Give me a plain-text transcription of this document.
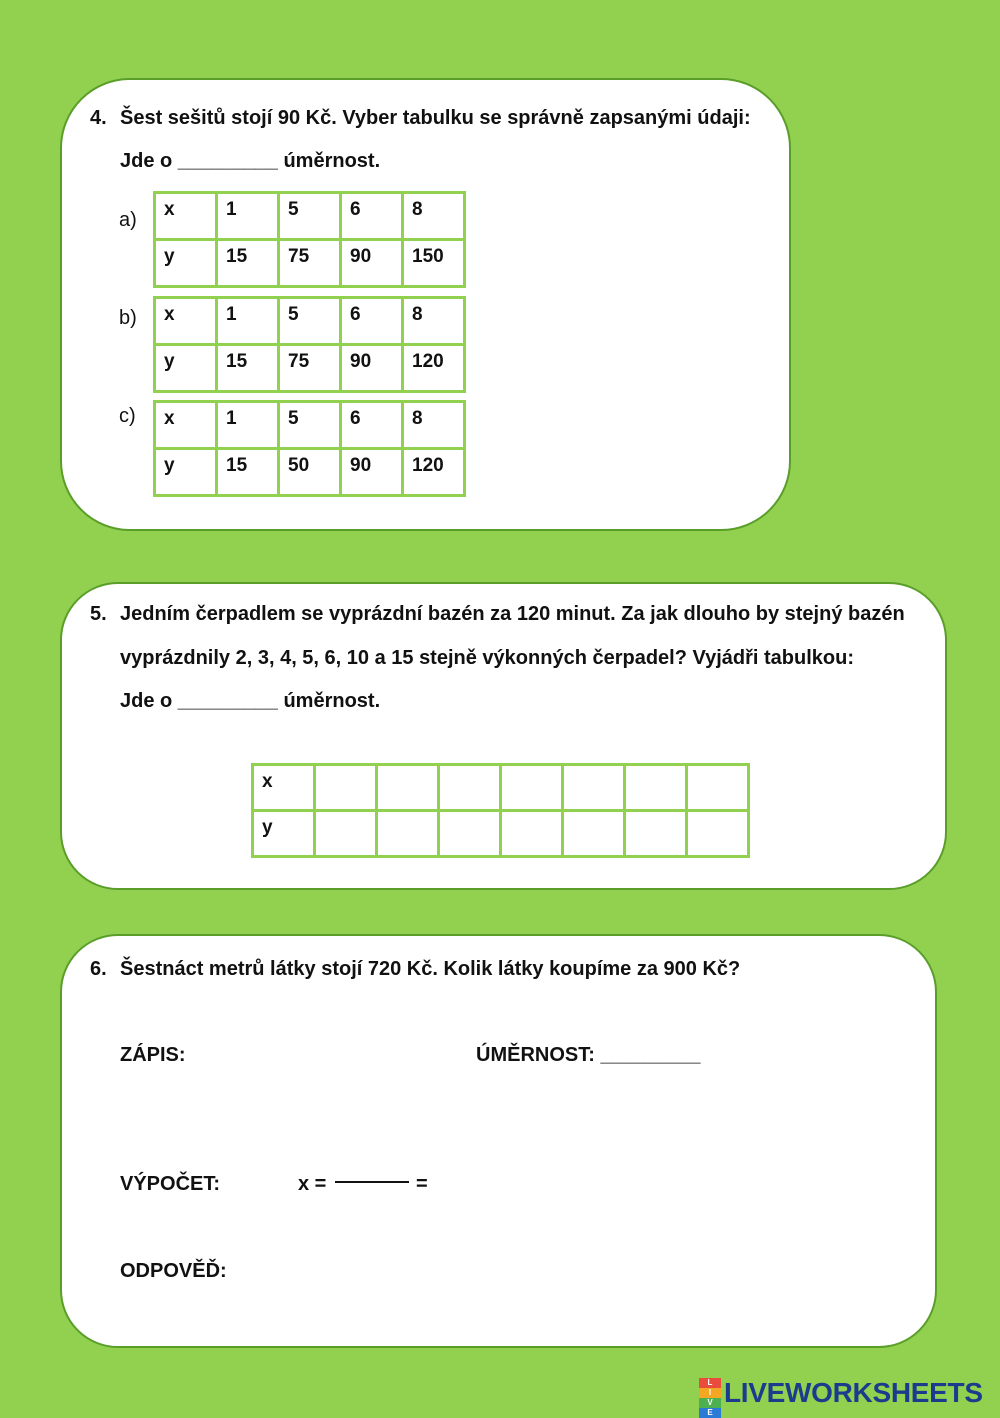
4. Šest sešitů stojí 90 Kč. Vyber tabulku se správně zapsanými údaji:
Jde o _________ úměrnost.
a) x	1	5	6	8
y	15	75	90	150
b) x	1	5	6	8
y	15	75	90	120
c) x	1	5	6	8
y	15	50	90	120
5. Jedním čerpadlem se vyprázdní bazén za 120 minut. Za jak dlouho by stejný bazén
vyprázdnily 2, 3, 4, 5, 6, 10 a 15 stejně výkonných čerpadel? Vyjádři tabulkou:
Jde o _________ úměrnost.
x							
y							
6. Šestnáct metrů látky stojí 720 Kč. Kolik látky koupíme za 900 Kč?
ZÁPIS:	ÚMĚRNOST: _________
VÝPOČET:	x =	=
ODPOVĚĎ:
L
I
V
E
LIVEWORKSHEETS
